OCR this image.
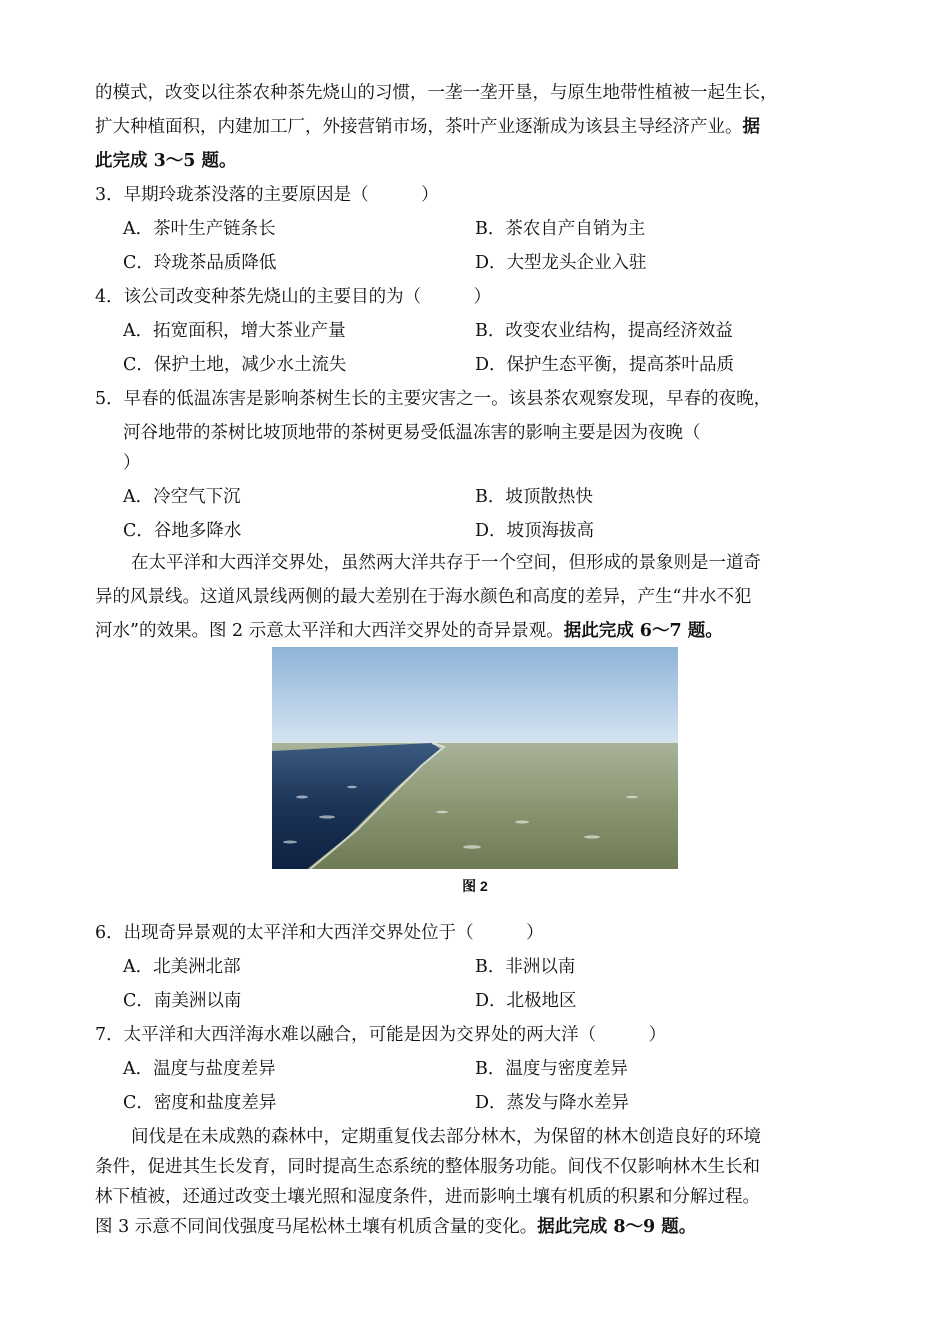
的模式，改变以往茶农种茶先烧山的习惯，一垄一垄开垦，与原生地带性植被一起生长，
扩大种植面积，内建加工厂，外接营销市场，茶叶产业逐渐成为该县主导经济产业。据
此完成 3～5 题。
3．早期玲珑茶没落的主要原因是（　　　）
A．茶叶生产链条长	B．茶农自产自销为主
C．玲珑茶品质降低	D．大型龙头企业入驻
4．该公司改变种茶先烧山的主要目的为（　　　）
A．拓宽面积，增大茶业产量	B．改变农业结构，提高经济效益
C．保护土地，减少水土流失	D．保护生态平衡，提高茶叶品质
5．早春的低温冻害是影响茶树生长的主要灾害之一。该县茶农观察发现，早春的夜晚，
河谷地带的茶树比坡顶地带的茶树更易受低温冻害的影响主要是因为夜晚（
）
A．冷空气下沉	B．坡顶散热快
C．谷地多降水	D．坡顶海拔高
在太平洋和大西洋交界处，虽然两大洋共存于一个空间，但形成的景象则是一道奇
异的风景线。这道风景线两侧的最大差别在于海水颜色和高度的差异，产生“井水不犯
河水”的效果。图 2 示意太平洋和大西洋交界处的奇异景观。据此完成 6～7 题。
图 2
6．出现奇异景观的太平洋和大西洋交界处位于（　　　）
A．北美洲北部	B．非洲以南
C．南美洲以南	D．北极地区
7．太平洋和大西洋海水难以融合，可能是因为交界处的两大洋（　　　）
A．温度与盐度差异	B．温度与密度差异
C．密度和盐度差异	D．蒸发与降水差异
间伐是在未成熟的森林中，定期重复伐去部分林木，为保留的林木创造良好的环境
条件，促进其生长发育，同时提高生态系统的整体服务功能。间伐不仅影响林木生长和
林下植被，还通过改变土壤光照和湿度条件，进而影响土壤有机质的积累和分解过程。
图 3 示意不同间伐强度马尾松林土壤有机质含量的变化。据此完成 8～9 题。
